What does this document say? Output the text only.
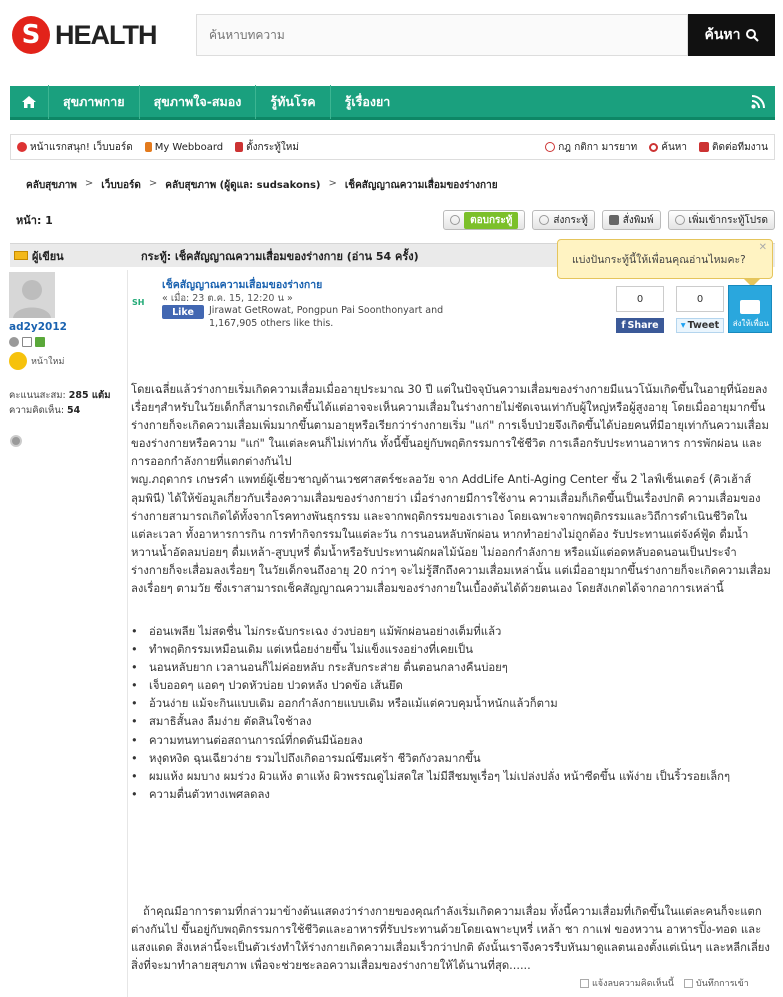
S HEALTH
ค้นหาบทความ	ค้นหา
สุขภาพกาย	สุขภาพใจ-สมอง	รู้ทันโรค	รู้เรื่องยา
หน้าแรกสนุก! เว็บบอร์ด My Webboard ตั้งกระทู้ใหม่	กฎ กติกา มารยาท ค้นหา	ติดต่อทีมงาน
คลับสุขภาพ > เว็บบอร์ด > คลับสุขภาพ (ผู้ดูแล: sudsakons) > เช็คสัญญาณความเสื่อมของร่างกาย
หน้า: 1	ตอบกระทู้	ส่งกระทู้	สั่งพิมพ์	เพิ่มเข้ากระทู้โปรด
ผู้เขียน	กระทู้: เช็คสัญญาณความเสื่อมของร่างกาย (อ่าน 54 ครั้ง)	แบ่งปันกระทู้นี้ให้เพื่อนคุณอ่านไหมคะ?
✕
ad2y2012
หน้าใหม่
คะแนนสะสม: 285 แต้ม
ความคิดเห็น: 54
SH
เช็คสัญญาณความเสื่อมของร่างกาย
« เมื่อ: 23 ต.ค. 15, 12:20 น »
Like Jirawat GetRowat, Pongpun Pai Soonthonyart and 1,167,905 others like this.
0	0
f Share ▾ Tweet ส่งให้เพื่อน

โดยเฉลี่ยแล้วร่างกายเริ่มเกิดความเสื่อมเมื่ออายุประมาณ 30 ปี แต่ในปัจจุบันความเสื่อมของร่างกายมีแนวโน้มเกิดขึ้นในอายุที่น้อยลงเรื่อยๆสำหรับในวัยเด็กก็สามารถเกิดขึ้นได้แต่อาจจะเห็นความเสื่อมในร่างกายไม่ชัดเจนเท่ากับผู้ใหญ่หรือผู้สูงอายุ โดยเมื่ออายุมากขึ้นร่างกายก็จะเกิดความเสื่อมเพิ่มมากขึ้นตามอายุหรือเรียกว่าร่างกายเริ่ม "แก่" การเจ็บป่วยจึงเกิดขึ้นได้บ่อยคนที่มีอายุเท่ากันความเสื่อมของร่างกายหรือความ "แก่" ในแต่ละคนก็ไม่เท่ากัน ทั้งนี้ขึ้นอยู่กับพฤติกรรมการใช้ชีวิต การเลือกรับประทานอาหาร การพักผ่อน และการออกกำลังกายที่แตกต่างกันไป

พญ.ภฤดากร เกษรคำ แพทย์ผู้เชี่ยวชาญด้านเวชศาสตร์ชะลอวัย จาก AddLife Anti-Aging Center ชั้น 2 ไลฟ์เซ็นเตอร์ (คิวเฮ้าส์ ลุมพินี) ได้ให้ข้อมูลเกี่ยวกับเรื่องความเสื่อมของร่างกายว่า เมื่อร่างกายมีการใช้งาน ความเสื่อมก็เกิดขึ้นเป็นเรื่องปกติ ความเสื่อมของร่างกายสามารถเกิดได้ทั้งจากโรคทางพันธุกรรม และจากพฤติกรรมของเราเอง โดยเฉพาะจากพฤติกรรมและวิถีการดำเนินชีวิตในแต่ละเวลา ทั้งอาหารการกิน การทำกิจกรรมในแต่ละวัน การนอนหลับพักผ่อน หากทำอย่างไม่ถูกต้อง รับประทานแต่จังค์ฟู้ด ดื่มน้ำหวานน้ำอัดลมบ่อยๆ ดื่มเหล้า-สูบบุหรี่ ดื่มน้ำหรือรับประทานผักผลไม้น้อย ไม่ออกกำลังกาย หรือแม้แต่อดหลับอดนอนเป็นประจำ ร่างกายก็จะเสื่อมลงเรื่อยๆ ในวัยเด็กจนถึงอายุ 20 กว่าๆ จะไม่รู้สึกถึงความเสื่อมเหล่านั้น แต่เมื่ออายุมากขึ้นร่างกายก็จะเกิดความเสื่อมลงเรื่อยๆ ตามวัย ซึ่งเราสามารถเช็คสัญญาณความเสื่อมของร่างกายในเบื้องต้นได้ด้วยตนเอง โดยสังเกตได้จากอาการเหล่านี้

• อ่อนเพลีย ไม่สดชื่น ไม่กระฉับกระเฉง ง่วงบ่อยๆ แม้พักผ่อนอย่างเต็มที่แล้ว
• ทำพฤติกรรมเหมือนเดิม แต่เหนื่อยง่ายขึ้น ไม่แข็งแรงอย่างที่เคยเป็น
• นอนหลับยาก เวลานอนก็ไม่ค่อยหลับ กระสับกระส่าย ตื่นตอนกลางคืนบ่อยๆ
• เจ็บออดๆ แอดๆ ปวดหัวบ่อย ปวดหลัง ปวดข้อ เส้นยึด
• อ้วนง่าย แม้จะกินแบบเดิม ออกกำลังกายแบบเดิม หรือแม้แต่ควบคุมน้ำหนักแล้วก็ตาม
• สมาธิสั้นลง ลืมง่าย ตัดสินใจช้าลง
• ความทนทานต่อสถานการณ์ที่กดดันมีน้อยลง
• หงุดหงิด ฉุนเฉียวง่าย รวมไปถึงเกิดอารมณ์ซึมเศร้า ชีวิตกังวลมากขึ้น
• ผมแห้ง ผมบาง ผมร่วง ผิวแห้ง ตาแห้ง ผิวพรรณดูไม่สดใส ไม่มีสีชมพูเรื่อๆ ไม่เปล่งปลั่ง หน้าซีดขึ้น แพ้ง่าย เป็นริ้วรอยเล็กๆ
• ความตื่นตัวทางเพศลดลง
ถ้าคุณมีอาการตามที่กล่าวมาข้างต้นแสดงว่าร่างกายของคุณกำลังเริ่มเกิดความเสื่อม ทั้งนี้ความเสื่อมที่เกิดขึ้นในแต่ละคนก็จะแตกต่างกันไป ขึ้นอยู่กับพฤติกรรมการใช้ชีวิตและอาหารที่รับประทานด้วยโดยเฉพาะบุหรี่ เหล้า ชา กาแฟ ของหวาน อาหารปิ้ง-ทอด และแสงแดด สิ่งเหล่านี้จะเป็นตัวเร่งทำให้ร่างกายเกิดความเสื่อมเร็วกว่าปกติ ดังนั้นเราจึงควรรีบหันมาดูแลตนเองตั้งแต่เนิ่นๆ และหลีกเลี่ยงสิ่งที่จะมาทำลายสุขภาพ เพื่อจะช่วยชะลอความเสื่อมของร่างกายให้ได้นานที่สุด......
แจ้งลบความคิดเห็นนี้ บันทึกการเข้า
